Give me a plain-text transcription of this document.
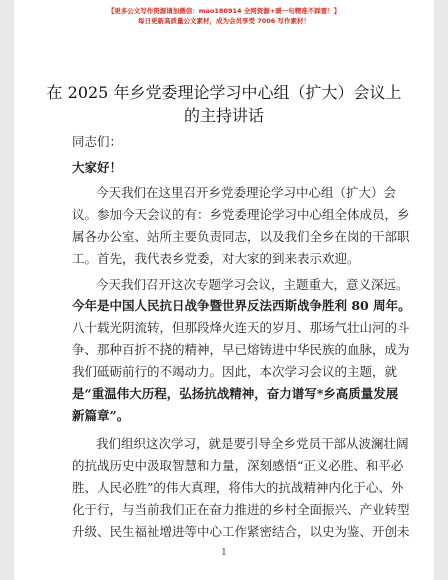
【更多公文写作资源请加微信：mao180914 全网资源+暖一句精准不踩雷！】
每日更新高质量公文素材，成为会员享受 7006 写作素材！
在 2025 年乡党委理论学习中心组（扩大）会议上
的主持讲话
同志们：
大家好！
今天我们在这里召开乡党委理论学习中心组（扩大）会
议。参加今天会议的有：乡党委理论学习中心组全体成员，乡
属各办公室、站所主要负责同志，以及我们全乡在岗的干部职
工。首先，我代表乡党委，对大家的到来表示欢迎。
今天我们召开这次专题学习会议，主题重大，意义深远。
今年是中国人民抗日战争暨世界反法西斯战争胜利 80 周年。
八十载光阴流转，但那段烽火连天的岁月、那场气壮山河的斗
争、那种百折不挠的精神，早已熔铸进中华民族的血脉，成为
我们砥砺前行的不竭动力。因此，本次学习会议的主题，就
是“重温伟大历程，弘扬抗战精神，奋力谱写*乡高质量发展
新篇章”。
我们组织这次学习，就是要引导全乡党员干部从波澜壮阔
的抗战历史中汲取智慧和力量，深刻感悟“正义必胜、和平必
胜、人民必胜”的伟大真理，将伟大的抗战精神内化于心、外
化于行，与当前我们正在奋力推进的乡村全面振兴、产业转型
升级、民生福祉增进等中心工作紧密结合，以史为鉴、开创未
1
